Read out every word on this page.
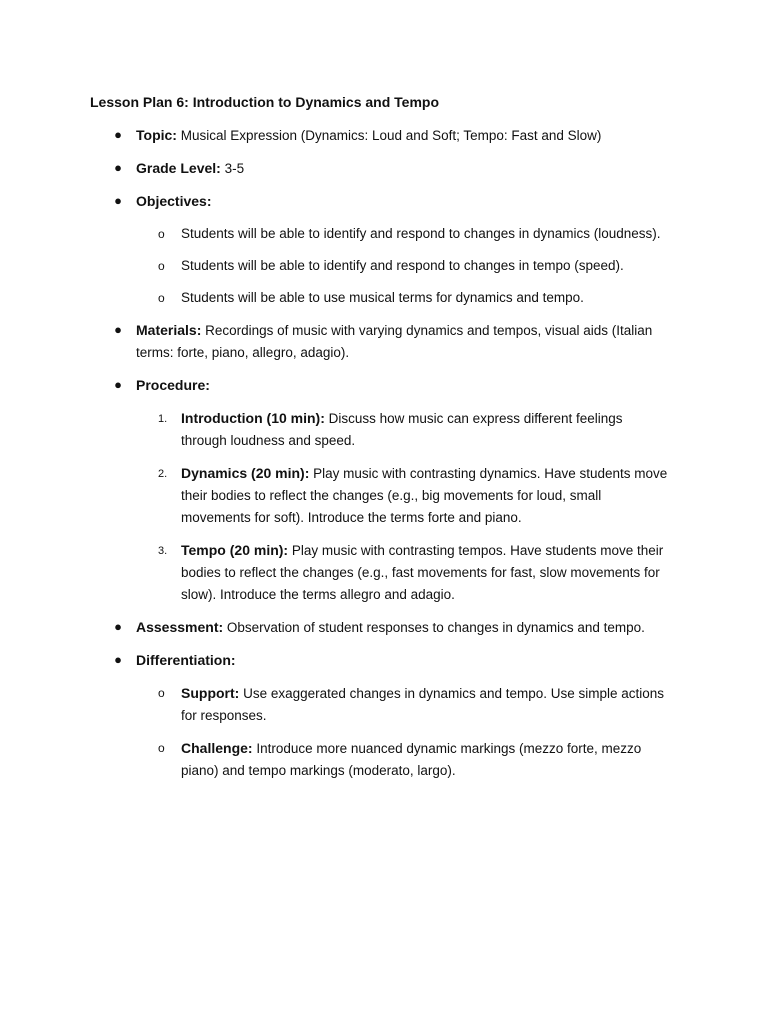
Lesson Plan 6: Introduction to Dynamics and Tempo
● Topic: Musical Expression (Dynamics: Loud and Soft; Tempo: Fast and Slow)
● Grade Level: 3-5
● Objectives:
o	Students will be able to identify and respond to changes in dynamics (loudness).
o	Students will be able to identify and respond to changes in tempo (speed).
o	Students will be able to use musical terms for dynamics and tempo.
● Materials: Recordings of music with varying dynamics and tempos, visual aids (Italian terms: forte, piano, allegro, adagio).
● Procedure:
1. Introduction (10 min): Discuss how music can express different feelings through loudness and speed.
2. Dynamics (20 min): Play music with contrasting dynamics. Have students move their bodies to reflect the changes (e.g., big movements for loud, small movements for soft). Introduce the terms forte and piano.
3. Tempo (20 min): Play music with contrasting tempos. Have students move their bodies to reflect the changes (e.g., fast movements for fast, slow movements for slow). Introduce the terms allegro and adagio.
● Assessment: Observation of student responses to changes in dynamics and tempo.
● Differentiation:
o	Support: Use exaggerated changes in dynamics and tempo. Use simple actions for responses.
o	Challenge: Introduce more nuanced dynamic markings (mezzo forte, mezzo piano) and tempo markings (moderato, largo).
